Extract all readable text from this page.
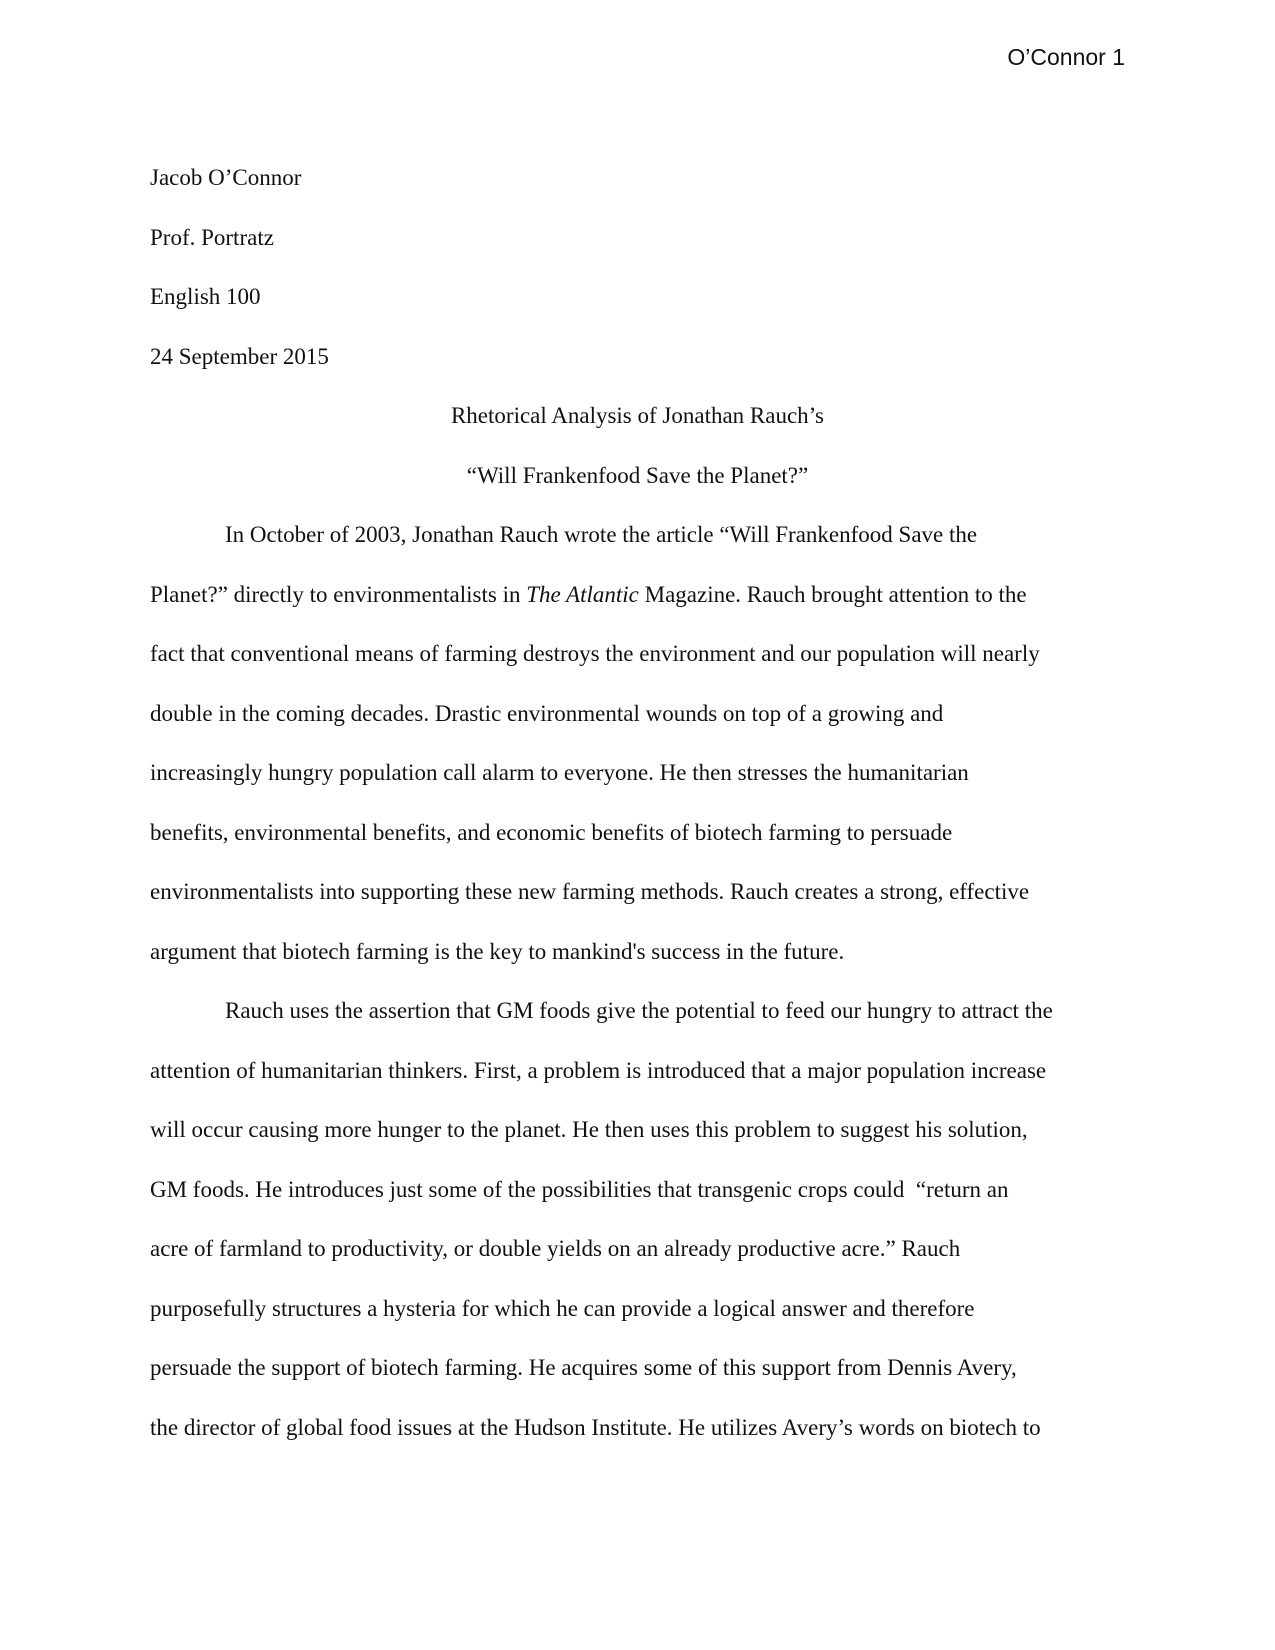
O’Connor 1

Jacob O’Connor

Prof. Portratz

English 100

24 September 2015

Rhetorical Analysis of Jonathan Rauch’s

“Will Frankenfood Save the Planet?”

In October of 2003, Jonathan Rauch wrote the article “Will Frankenfood Save the
Planet?” directly to environmentalists in The Atlantic Magazine. Rauch brought attention to the
fact that conventional means of farming destroys the environment and our population will nearly
double in the coming decades. Drastic environmental wounds on top of a growing and
increasingly hungry population call alarm to everyone. He then stresses the humanitarian
benefits, environmental benefits, and economic benefits of biotech farming to persuade
environmentalists into supporting these new farming methods. Rauch creates a strong, effective
argument that biotech farming is the key to mankind's success in the future.
Rauch uses the assertion that GM foods give the potential to feed our hungry to attract the
attention of humanitarian thinkers. First, a problem is introduced that a major population increase
will occur causing more hunger to the planet. He then uses this problem to suggest his solution,
GM foods. He introduces just some of the possibilities that transgenic crops could  “return an
acre of farmland to productivity, or double yields on an already productive acre.” Rauch
purposefully structures a hysteria for which he can provide a logical answer and therefore
persuade the support of biotech farming. He acquires some of this support from Dennis Avery,
the director of global food issues at the Hudson Institute. He utilizes Avery’s words on biotech to
